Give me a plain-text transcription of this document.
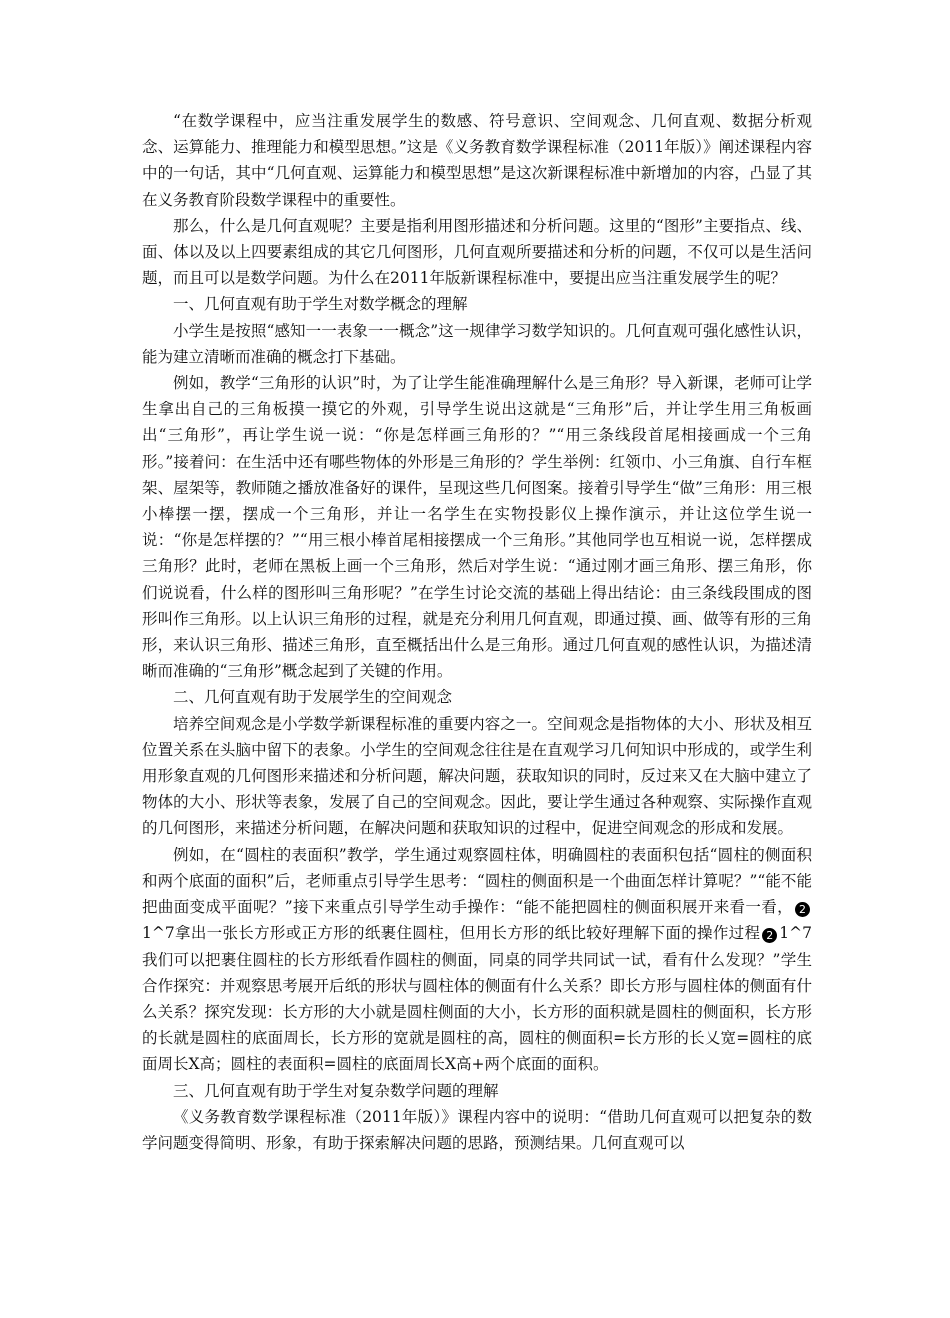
“在数学课程中，应当注重发展学生的数感、符号意识、空间观念、几何直观、数据分析观念、运算能力、推理能力和模型思想。”这是《义务教育数学课程标准（2011年版）》阐述课程内容中的一句话，其中“几何直观、运算能力和模型思想”是这次新课程标准中新增加的内容，凸显了其在义务教育阶段数学课程中的重要性。

那么，什么是几何直观呢？主要是指利用图形描述和分析问题。这里的“图形”主要指点、线、面、体以及以上四要素组成的其它几何图形，几何直观所要描述和分析的问题，不仅可以是生活问题，而且可以是数学问题。为什么在2011年版新课程标准中，要提出应当注重发展学生的呢？

一、几何直观有助于学生对数学概念的理解

小学生是按照“感知一一表象一一概念”这一规律学习数学知识的。几何直观可强化感性认识，能为建立清晰而准确的概念打下基础。

例如，教学“三角形的认识”时，为了让学生能准确理解什么是三角形？导入新课，老师可让学生拿出自己的三角板摸一摸它的外观，引导学生说出这就是“三角形”后，并让学生用三角板画出“三角形”，再让学生说一说：“你是怎样画三角形的？”“用三条线段首尾相接画成一个三角形。”接着问：在生活中还有哪些物体的外形是三角形的？学生举例：红领巾、小三角旗、自行车框架、屋架等，教师随之播放准备好的课件，呈现这些几何图案。接着引导学生“做”三角形：用三根小棒摆一摆，摆成一个三角形，并让一名学生在实物投影仪上操作演示，并让这位学生说一说：“你是怎样摆的？”“用三根小棒首尾相接摆成一个三角形。”其他同学也互相说一说，怎样摆成三角形？此时，老师在黑板上画一个三角形，然后对学生说：“通过刚才画三角形、摆三角形，你们说说看，什么样的图形叫三角形呢？”在学生讨论交流的基础上得出结论：由三条线段围成的图形叫作三角形。以上认识三角形的过程，就是充分利用几何直观，即通过摸、画、做等有形的三角形，来认识三角形、描述三角形，直至概括出什么是三角形。通过几何直观的感性认识，为描述清晰而准确的“三角形”概念起到了关键的作用。

二、几何直观有助于发展学生的空间观念

培养空间观念是小学数学新课程标准的重要内容之一。空间观念是指物体的大小、形状及相互位置关系在头脑中留下的表象。小学生的空间观念往往是在直观学习几何知识中形成的，或学生利用形象直观的几何图形来描述和分析问题，解决问题，获取知识的同时，反过来又在大脑中建立了物体的大小、形状等表象，发展了自己的空间观念。因此，要让学生通过各种观察、实际操作直观的几何图形，来描述分析问题，在解决问题和获取知识的过程中，促进空间观念的形成和发展。

例如，在“圆柱的表面积”教学，学生通过观察圆柱体，明确圆柱的表面积包括“圆柱的侧面积和两个底面的面积”后，老师重点引导学生思考：“圆柱的侧面积是一个曲面怎样计算呢？”“能不能把曲面变成平面呢？”接下来重点引导学生动手操作：“能不能把圆柱的侧面积展开来看一看， 21^7拿出一张长方形或正方形的纸裹住圆柱，但用长方形的纸比较好理解下面的操作过程 2 1^7我们可以把裹住圆柱的长方形纸看作圆柱的侧面，同桌的同学共同试一试，看有什么发现？”学生合作探究：并观察思考展开后纸的形状与圆柱体的侧面有什么关系？即长方形与圆柱体的侧面有什么关系？探究发现：长方形的大小就是圆柱侧面的大小，长方形的面积就是圆柱的侧面积，长方形的长就是圆柱的底面周长，长方形的宽就是圆柱的高，圆柱的侧面积=长方形的长乂宽=圆柱的底面周长X高；圆柱的表面积=圆柱的底面周长X高+两个底面的面积。

三、几何直观有助于学生对复杂数学问题的理解

《义务教育数学课程标准（2011年版）》课程内容中的说明：“借助几何直观可以把复杂的数学问题变得简明、形象，有助于探索解决问题的思路，预测结果。几何直观可以
